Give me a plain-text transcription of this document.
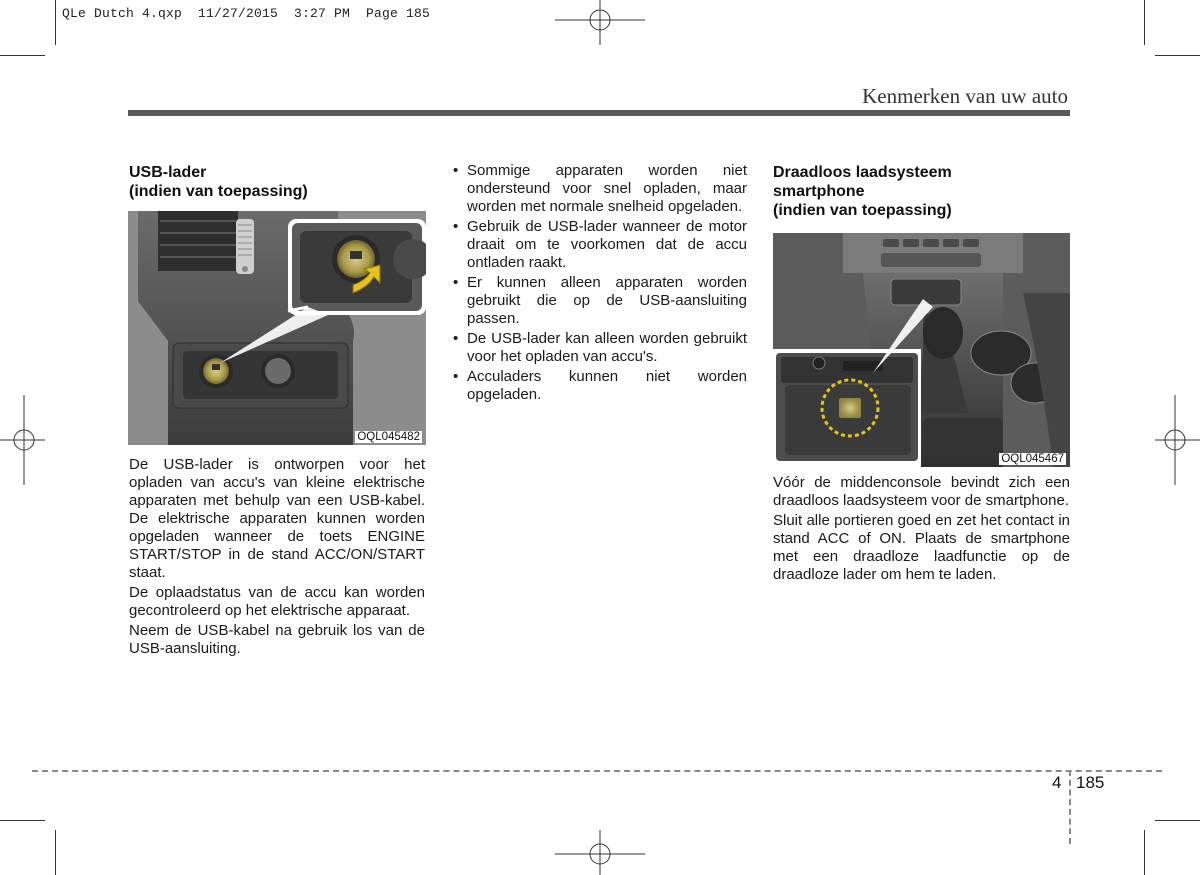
QLe Dutch 4.qxp  11/27/2015  3:27 PM  Page 185
Kenmerken van uw auto
USB-lader
(indien van toepassing)
OQL045482

De USB-lader is ontworpen voor het opladen van accu's van kleine elektrische apparaten met behulp van een USB-kabel. De elektrische apparaten kunnen worden opgeladen wanneer de toets ENGINE START/STOP in de stand ACC/ON/START staat.

De oplaadstatus van de accu kan worden gecontroleerd op het elektrische apparaat.

Neem de USB-kabel na gebruik los van de USB-aansluiting.

• Sommige apparaten worden niet ondersteund voor snel opladen, maar worden met normale snelheid opgeladen.
• Gebruik de USB-lader wanneer de motor draait om te voorkomen dat de accu ontladen raakt.
• Er kunnen alleen apparaten worden gebruikt die op de USB-aansluiting passen.
• De USB-lader kan alleen worden gebruikt voor het opladen van accu's.
• Acculaders kunnen niet worden opgeladen.
Draadloos laadsysteem
smartphone
(indien van toepassing)
OQL045467

Vóór de middenconsole bevindt zich een draadloos laadsysteem voor de smartphone.

Sluit alle portieren goed en zet het contact in stand ACC of ON. Plaats de smartphone met een draadloze laadfunctie op de draadloze lader om hem te laden.

4 185
